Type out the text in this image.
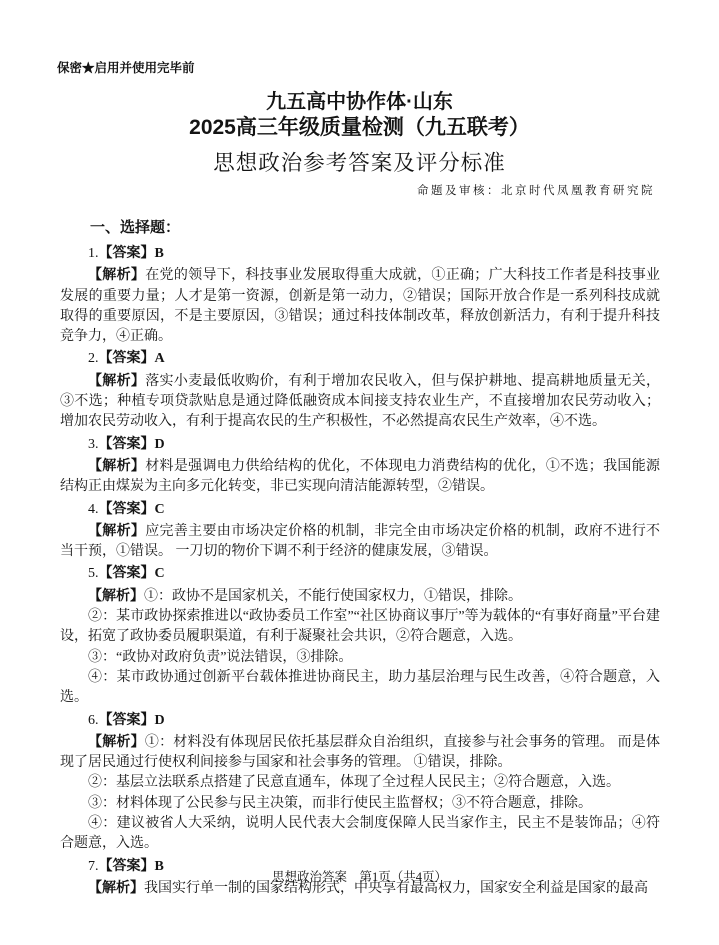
保密★启用并使用完毕前
九五高中协作体·山东
2025高三年级质量检测（九五联考）
思想政治参考答案及评分标准
命题及审核：北京时代凤凰教育研究院
一、选择题：

1.【答案】B

【解析】在党的领导下，科技事业发展取得重大成就，①正确；广大科技工作者是科技事业发展的重要力量；人才是第一资源，创新是第一动力，②错误；国际开放合作是一系列科技成就取得的重要原因，不是主要原因，③错误；通过科技体制改革，释放创新活力，有利于提升科技竞争力，④正确。

2.【答案】A

【解析】落实小麦最低收购价，有利于增加农民收入，但与保护耕地、提高耕地质量无关，③不选；种植专项贷款贴息是通过降低融资成本间接支持农业生产，不直接增加农民劳动收入；增加农民劳动收入，有利于提高农民的生产积极性，不必然提高农民生产效率，④不选。

3.【答案】D

【解析】材料是强调电力供给结构的优化，不体现电力消费结构的优化，①不选；我国能源结构正由煤炭为主向多元化转变，非已实现向清洁能源转型，②错误。

4.【答案】C

【解析】应完善主要由市场决定价格的机制，非完全由市场决定价格的机制，政府不进行不当干预，①错误。 一刀切的物价下调不利于经济的健康发展，③错误。

5.【答案】C

【解析】①：政协不是国家机关，不能行使国家权力，①错误，排除。

②：某市政协探索推进以“政协委员工作室”“社区协商议事厅”等为载体的“有事好商量”平台建设，拓宽了政协委员履职渠道，有利于凝聚社会共识，②符合题意，入选。

③：“政协对政府负责”说法错误，③排除。

④：某市政协通过创新平台载体推进协商民主，助力基层治理与民生改善，④符合题意，入选。

6.【答案】D

【解析】①：材料没有体现居民依托基层群众自治组织，直接参与社会事务的管理。 而是体现了居民通过行使权利间接参与国家和社会事务的管理。 ①错误，排除。

②：基层立法联系点搭建了民意直通车，体现了全过程人民民主；②符合题意，入选。

③：材料体现了公民参与民主决策，而非行使民主监督权；③不符合题意，排除。

④：建议被省人大采纳，说明人民代表大会制度保障人民当家作主，民主不是装饰品；④符合题意，入选。

7.【答案】B

【解析】我国实行单一制的国家结构形式，中央享有最高权力，国家安全利益是国家的最高

思想政治答案　第1页（共4页）
